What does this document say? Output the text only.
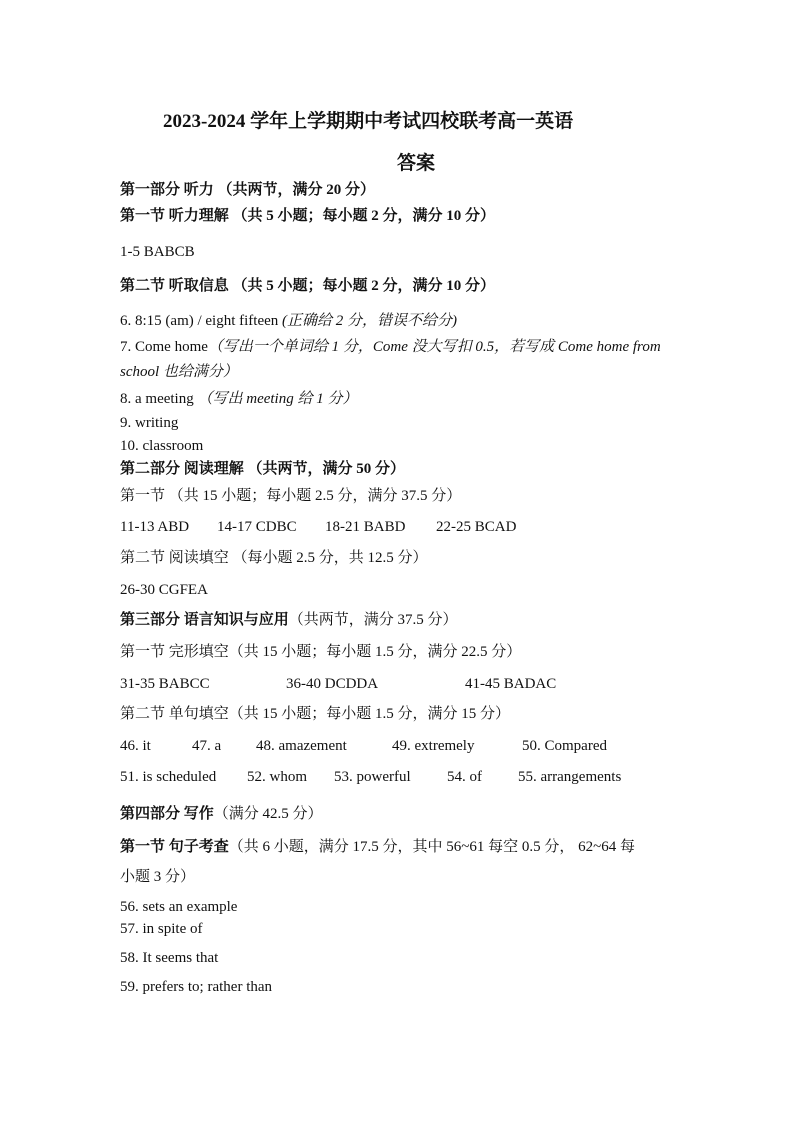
2023-2024 学年上学期期中考试四校联考高一英语
答案
第一部分 听力 （共两节，满分 20 分）
第一节 听力理解 （共 5 小题；每小题 2 分，满分 10 分）
1-5 BABCB
第二节 听取信息 （共 5 小题；每小题 2 分，满分 10 分）
6. 8:15 (am) / eight fifteen (正确给 2 分，错误不给分)
7. Come home（写出一个单词给 1 分，Come 没大写扣 0.5，若写成 Come home from
school 也给满分）
8. a meeting （写出 meeting 给 1 分）
9. writing
10. classroom
第二部分 阅读理解 （共两节，满分 50 分）
第一节 （共 15 小题；每小题 2.5 分，满分 37.5 分）
11-13 ABD 14-17 CDBC 18-21 BABD 22-25 BCAD
第二节 阅读填空 （每小题 2.5 分，共 12.5 分）
26-30 CGFEA
第三部分 语言知识与应用（共两节，满分 37.5 分）
第一节 完形填空（共 15 小题；每小题 1.5 分，满分 22.5 分）
31-35 BABCC	36-40 DCDDA	41-45 BADAC
第二节 单句填空（共 15 小题；每小题 1.5 分，满分 15 分）
46. it	47. a 48. amazement	49. extremely	50. Compared
51. is scheduled 52. whom 53. powerful 54. of 55. arrangements
第四部分 写作（满分 42.5 分）
第一节 句子考查（共 6 小题，满分 17.5 分，其中 56~61 每空 0.5 分， 62~64 每
小题 3 分）
56. sets an example
57. in spite of
58. It seems that
59. prefers to; rather than
